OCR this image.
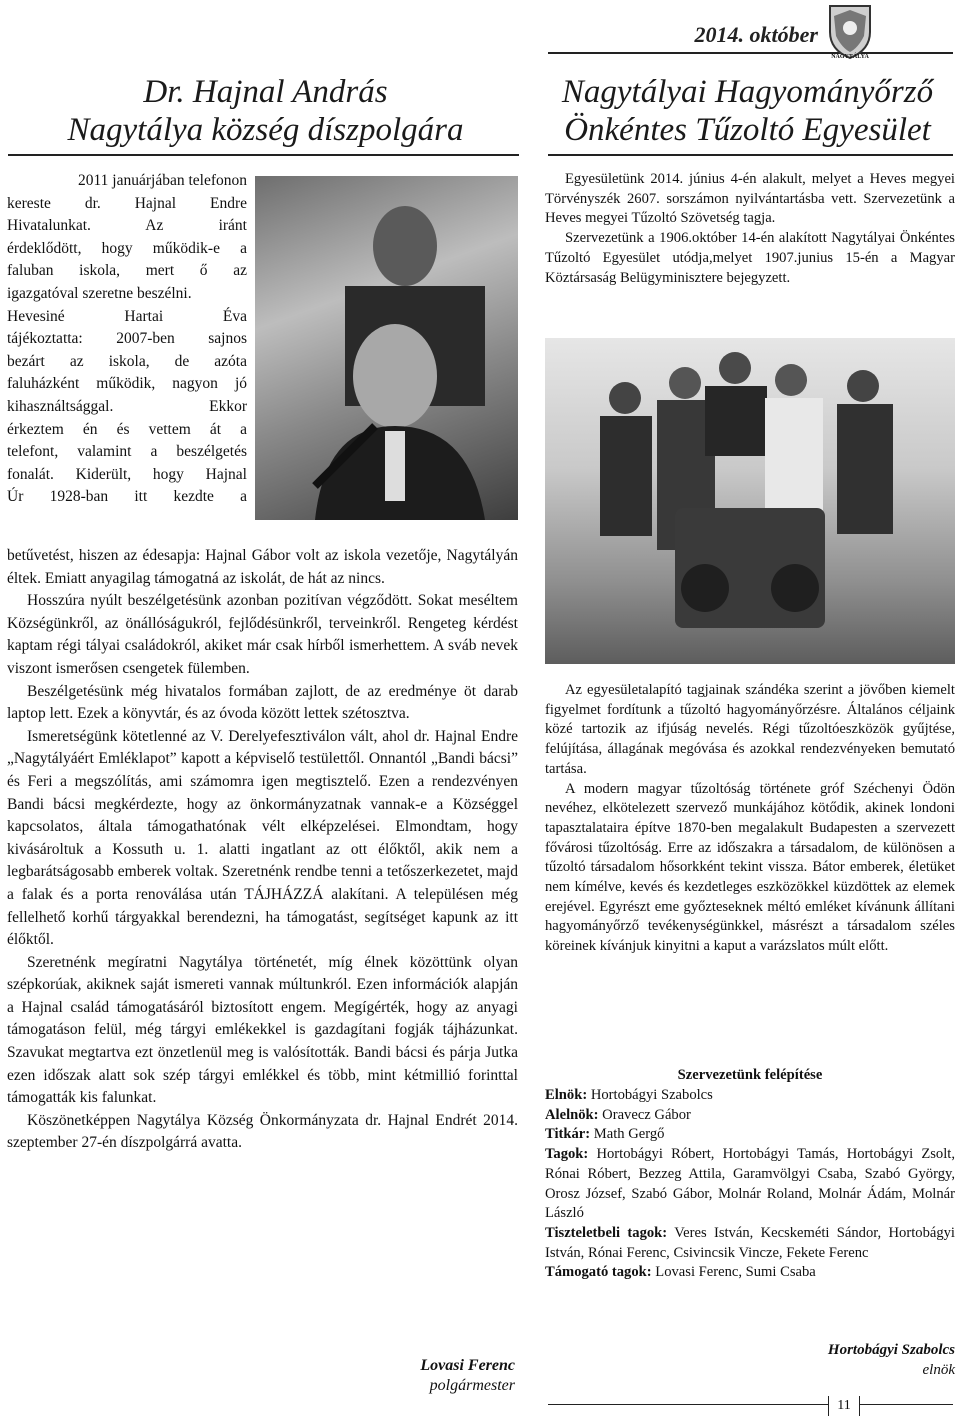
2014. október
NAGYTÁLYA
Dr. Hajnal András
Nagytálya község díszpolgára
2011 januárjában telefonon
kereste dr. Hajnal Endre
Hivatalunkat. Az iránt
érdeklődött, hogy működik-e a
faluban iskola, mert ő az
igazgatóval szeretne beszélni.
Hevesiné Hartai Éva
tájékoztatta: 2007-ben sajnos
bezárt az iskola, de azóta
faluházként működik, nagyon jó
kihasználtsággal. Ekkor
érkeztem én és vettem át a
telefont, valamint a beszélgetés
fonalát. Kiderült, hogy Hajnal
Úr 1928-ban itt kezdte a

betűvetést, hiszen az édesapja: Hajnal Gábor volt az iskola vezetője, Nagytályán éltek. Emiatt anyagilag támogatná az iskolát, de hát az nincs.

Hosszúra nyúlt beszélgetésünk azonban pozitívan végződött. Sokat meséltem Községünkről, az önállóságukról, fejlődésünkről, terveinkről. Rengeteg kérdést kaptam régi tályai családokról, akiket már csak hírből ismerhettem. A sváb nevek viszont ismerősen csengetek fülemben.

Beszélgetésünk még hivatalos formában zajlott, de az eredménye öt darab laptop lett. Ezek a könyvtár, és az óvoda között lettek szétosztva.

Ismeretségünk kötetlenné az V. Derelyefesztiválon vált, ahol dr. Hajnal Endre „Nagytályáért Emléklapot” kapott a képviselő testülettől. Onnantól „Bandi bácsi” és Feri a megszólítás, ami számomra igen megtisztelő. Ezen a rendezvényen Bandi bácsi megkérdezte, hogy az önkormányzatnak vannak-e a Községgel kapcsolatos, általa támogathatónak vélt elképzelései. Elmondtam, hogy kivásároltuk a Kossuth u. 1. alatti ingatlant az ott élőktől, akik nem a legbarátságosabb emberek voltak. Szeretnénk rendbe tenni a tetőszerkezetet, majd a falak és a porta renoválása után TÁJHÁZZÁ alakítani. A településen még fellelhető korhű tárgyakkal berendezni, ha támogatást, segítséget kapunk az itt élőktől.

Szeretnénk megíratni Nagytálya történetét, míg élnek közöttünk olyan szépkorúak, akiknek saját ismereti vannak múltunkról. Ezen információk alapján a Hajnal család támogatásáról biztosított engem. Megígérték, hogy az anyagi támogatáson felül, még tárgyi emlékekkel is gazdagítani fogják tájházunkat. Szavukat megtartva ezt önzetlenül meg is valósították. Bandi bácsi és párja Jutka ezen időszak alatt sok szép tárgyi emlékkel és több, mint kétmillió forinttal támogatták kis falunkat.

Köszönetképpen Nagytálya Község Önkormányzata dr. Hajnal Endrét 2014. szeptember 27-én díszpolgárrá avatta.

Lovasi Ferenc
polgármester
Nagytályai Hagyományőrző
Önkéntes Tűzoltó Egyesület

Egyesületünk 2014. június 4-én alakult, melyet a Heves megyei Törvényszék 2607. sorszámon nyilvántartásba vett. Szervezetünk a Heves megyei Tűzoltó Szövetség tagja.

Szervezetünk a 1906.október 14-én alakított Nagytályai Önkéntes Tűzoltó Egyesület utódja,melyet 1907.junius 15-én a Magyar Köztársaság Belügyminisztere bejegyzett.

Az egyesületalapító tagjainak szándéka szerint a jövőben kiemelt figyelmet fordítunk a tűzoltó hagyományőrzésre. Általános céljaink közé tartozik az ifjúság nevelés. Régi tűzoltóeszközök gyűjtése, felújítása, állagának megóvása és azokkal rendezvényeken bemutató tartása.

A modern magyar tűzoltóság története gróf Széchenyi Ödön nevéhez, elkötelezett szervező munkájához kötődik, akinek londoni tapasztalataira építve 1870-ben megalakult Budapesten a szervezett fővárosi tűzoltóság. Erre az időszakra a társadalom, de különösen a tűzoltó társadalom hősorkként tekint vissza. Bátor emberek, életüket nem kímélve, kevés és kezdetleges eszközökkel küzdöttek az elemek erejével. Egyrészt eme győzteseknek méltó emléket kívánunk állítani hagyományőrző tevékenységünkkel, másrészt a társadalom széles köreinek kívánjuk kinyitni a kaput a varázslatos múlt előtt.

Szervezetünk felépítése

Elnök: Hortobágyi Szabolcs

Alelnök: Oravecz Gábor

Titkár: Math Gergő

Tagok: Hortobágyi Róbert, Hortobágyi Tamás, Hortobágyi Zsolt, Rónai Róbert, Bezzeg Attila, Garamvölgyi Csaba, Szabó György, Orosz József, Szabó Gábor, Molnár Roland, Molnár Ádám, Molnár László

Tiszteletbeli tagok: Veres István, Kecskeméti Sándor, Hortobágyi István, Rónai Ferenc, Csivincsik Vincze, Fekete Ferenc

Támogató tagok: Lovasi Ferenc, Sumi Csaba

Hortobágyi Szabolcs
elnök
11
